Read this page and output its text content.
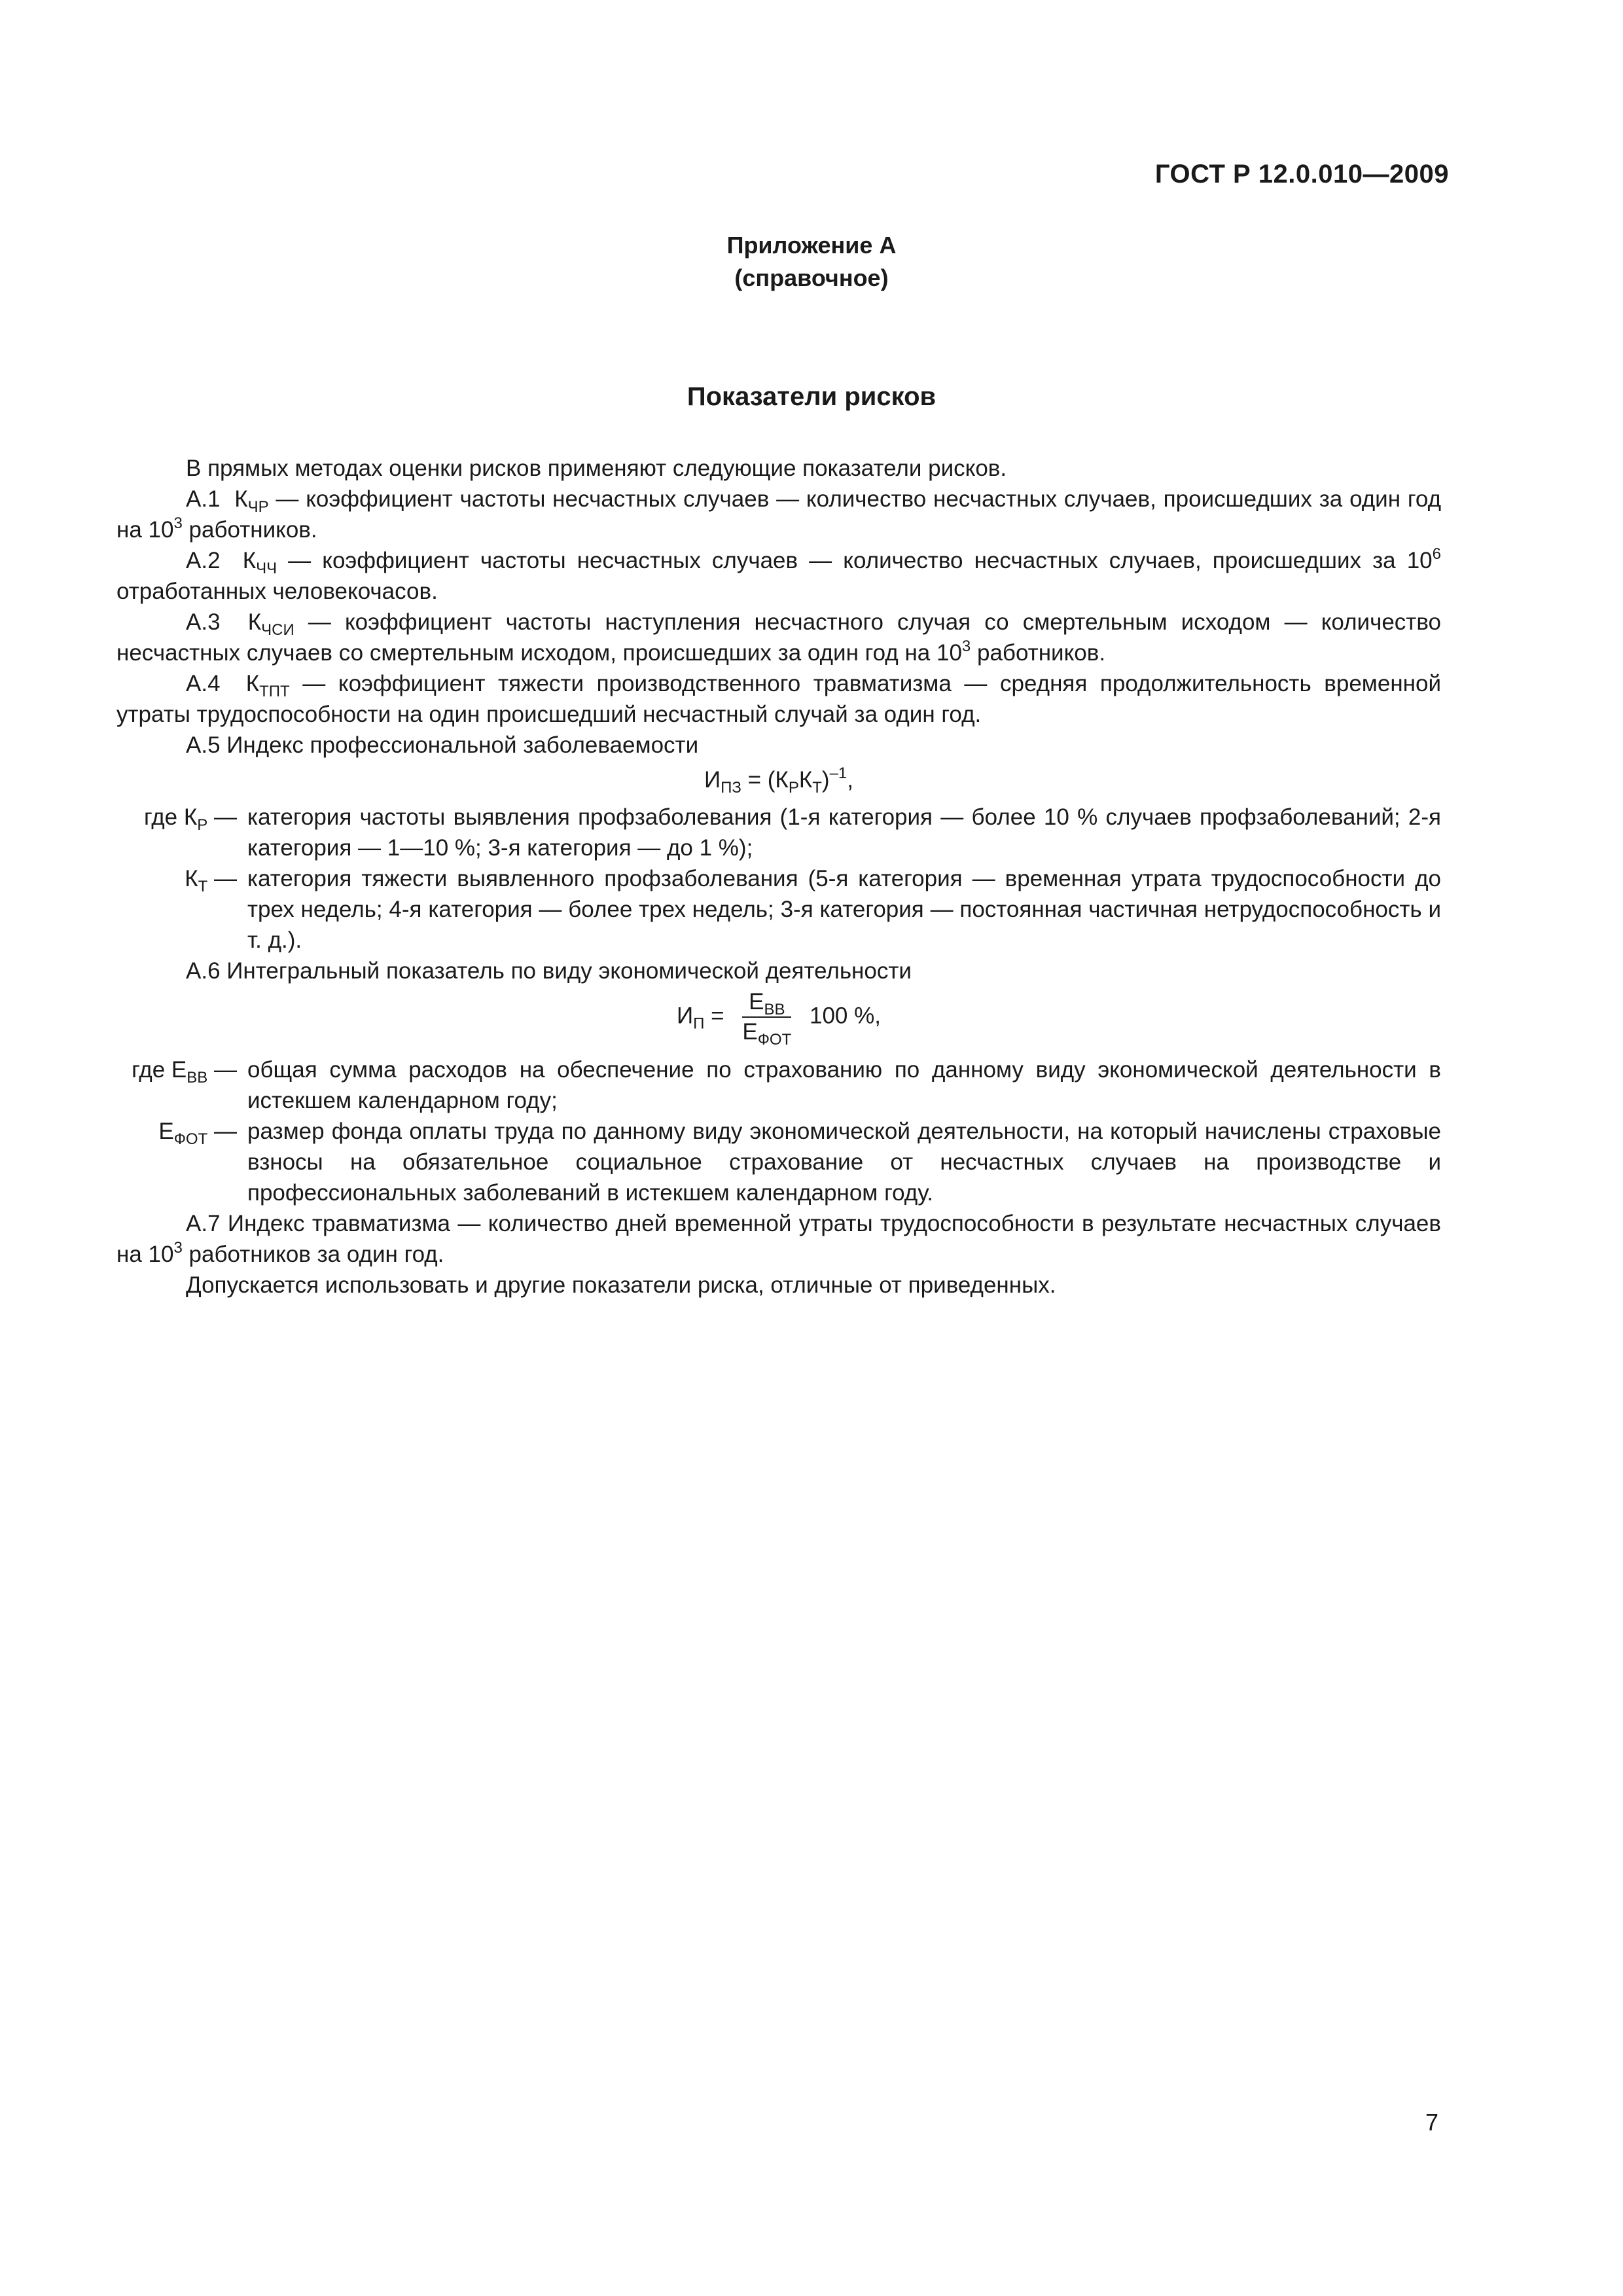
ГОСТ Р 12.0.010—2009
Приложение А
(справочное)
Показатели рисков

В прямых методах оценки рисков применяют следующие показатели рисков.

А.1 $К_{ЧР}$ — коэффициент частоты несчастных случаев — количество несчастных случаев, происшедших за один год на $10^3$ работников.

А.2 $К_{ЧЧ}$ — коэффициент частоты несчастных случаев — количество несчастных случаев, происшедших за $10^6$ отработанных человекочасов.

А.3 $К_{ЧСИ}$ — коэффициент частоты наступления несчастного случая со смертельным исходом — количество несчастных случаев со смертельным исходом, происшедших за один год на $10^3$ работников.

А.4 $К_{ТПТ}$ — коэффициент тяжести производственного травматизма — средняя продолжительность временной утраты трудоспособности на один происшедший несчастный случай за один год.

А.5 Индекс профессиональной заболеваемости

$И_{ПЗ} = (К_РК_Т)^{-1}$,
где $К_Р$ — категория частоты выявления профзаболевания (1-я категория — более 10 % случаев профзаболеваний; 2-я категория — 1—10 %; 3-я категория — до 1 %);
$К_Т$ — категория тяжести выявленного профзаболевания (5-я категория — временная утрата трудоспособности до трех недель; 4-я категория — более трех недель; 3-я категория — постоянная частичная нетрудоспособность и т. д.).

А.6 Интегральный показатель по виду экономической деятельности

$И_П = \frac{Е_{ВВ}}{Е_{ФОТ}} 100$ %,
где $Е_{ВВ}$ — общая сумма расходов на обеспечение по страхованию по данному виду экономической деятельности в истекшем календарном году;
$Е_{ФОТ}$ — размер фонда оплаты труда по данному виду экономической деятельности, на который начислены страховые взносы на обязательное социальное страхование от несчастных случаев на производстве и профессиональных заболеваний в истекшем календарном году.

А.7 Индекс травматизма — количество дней временной утраты трудоспособности в результате несчастных случаев на $10^3$ работников за один год.

Допускается использовать и другие показатели риска, отличные от приведенных.

7
